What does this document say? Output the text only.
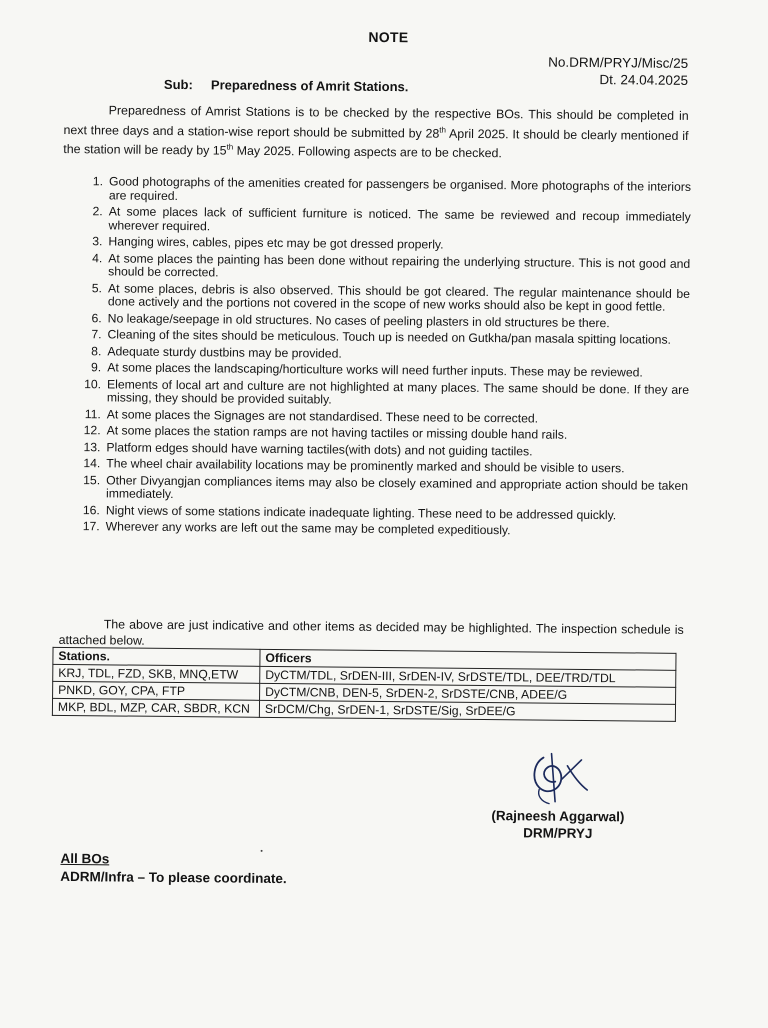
NOTE
No.DRM/PRYJ/Misc/25
Dt. 24.04.2025
Sub: Preparedness of Amrit Stations.
Preparedness of Amrist Stations is to be checked by the respective BOs. This should be completed in next three days and a station-wise report should be submitted by 28th April 2025. It should be clearly mentioned if the station will be ready by 15th May 2025. Following aspects are to be checked.
1. Good photographs of the amenities created for passengers be organised. More photographs of the interiors are required.
2. At some places lack of sufficient furniture is noticed. The same be reviewed and recoup immediately wherever required.
3. Hanging wires, cables, pipes etc may be got dressed properly.
4. At some places the painting has been done without repairing the underlying structure. This is not good and should be corrected.
5. At some places, debris is also observed. This should be got cleared. The regular maintenance should be done actively and the portions not covered in the scope of new works should also be kept in good fettle.
6. No leakage/seepage in old structures. No cases of peeling plasters in old structures be there.
7. Cleaning of the sites should be meticulous. Touch up is needed on Gutkha/pan masala spitting locations.
8. Adequate sturdy dustbins may be provided.
9. At some places the landscaping/horticulture works will need further inputs. These may be reviewed.
10. Elements of local art and culture are not highlighted at many places. The same should be done. If they are missing, they should be provided suitably.
11. At some places the Signages are not standardised. These need to be corrected.
12. At some places the station ramps are not having tactiles or missing double hand rails.
13. Platform edges should have warning tactiles(with dots) and not guiding tactiles.
14. The wheel chair availability locations may be prominently marked and should be visible to users.
15. Other Divyangjan compliances items may also be closely examined and appropriate action should be taken immediately.
16. Night views of some stations indicate inadequate lighting. These need to be addressed quickly.
17. Wherever any works are left out the same may be completed expeditiously.
The above are just indicative and other items as decided may be highlighted. The inspection schedule is attached below.
Stations.	Officers
KRJ, TDL, FZD, SKB, MNQ,ETW	DyCTM/TDL, SrDEN-III, SrDEN-IV, SrDSTE/TDL, DEE/TRD/TDL
PNKD, GOY, CPA, FTP	DyCTM/CNB, DEN-5, SrDEN-2, SrDSTE/CNB, ADEE/G
MKP, BDL, MZP, CAR, SBDR, KCN	SrDCM/Chg, SrDEN-1, SrDSTE/Sig, SrDEE/G
(Rajneesh Aggarwal)
DRM/PRYJ
All BOs
ADRM/Infra – To please coordinate.
